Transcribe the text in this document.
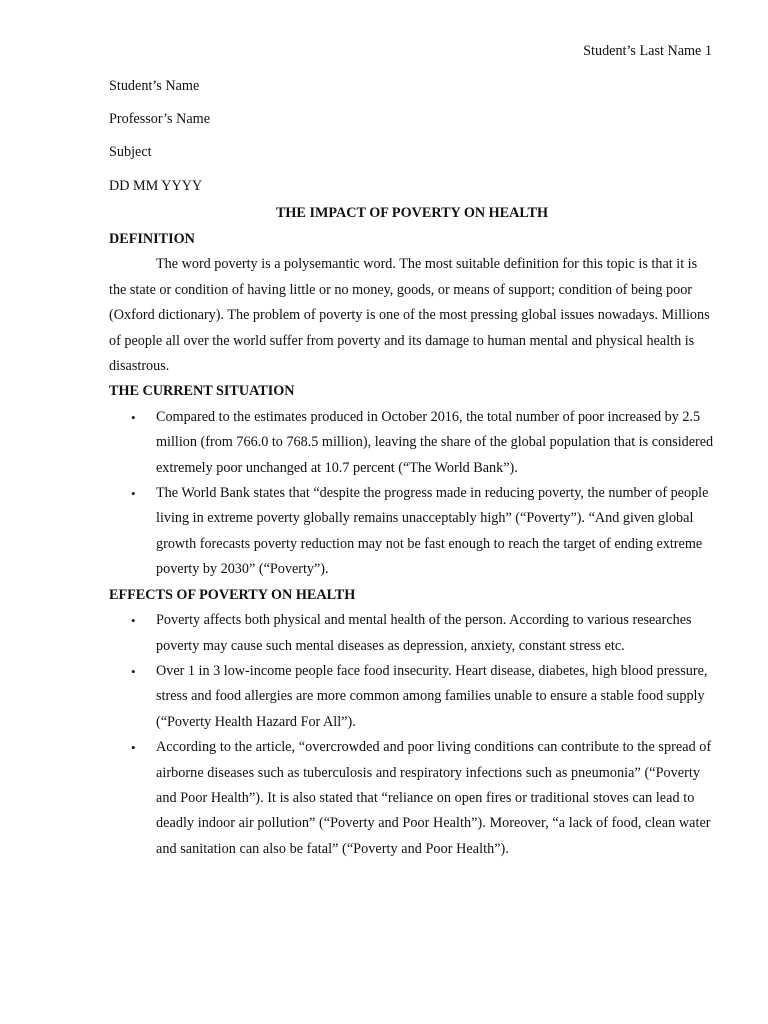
Student’s Last Name 1
Student’s Name
Professor’s Name
Subject
DD MM YYYY
THE IMPACT OF POVERTY ON HEALTH
DEFINITION

The word poverty is a polysemantic word. The most suitable definition for this topic is that it is the state or condition of having little or no money, goods, or means of support; condition of being poor (Oxford dictionary). The problem of poverty is one of the most pressing global issues nowadays. Millions of people all over the world suffer from poverty and its damage to human mental and physical health is disastrous.

THE CURRENT SITUATION
• Compared to the estimates produced in October 2016, the total number of poor increased by 2.5 million (from 766.0 to 768.5 million), leaving the share of the global population that is considered extremely poor unchanged at 10.7 percent (“The World Bank”).
• The World Bank states that “despite the progress made in reducing poverty, the number of people living in extreme poverty globally remains unacceptably high” (“Poverty”). “And given global growth forecasts poverty reduction may not be fast enough to reach the target of ending extreme poverty by 2030” (“Poverty”).
EFFECTS OF POVERTY ON HEALTH
• Poverty affects both physical and mental health of the person. According to various researches poverty may cause such mental diseases as depression, anxiety, constant stress etc.
• Over 1 in 3 low-income people face food insecurity. Heart disease, diabetes, high blood pressure, stress and food allergies are more common among families unable to ensure a stable food supply (“Poverty Health Hazard For All”).
• According to the article, “overcrowded and poor living conditions can contribute to the spread of airborne diseases such as tuberculosis and respiratory infections such as pneumonia” (“Poverty and Poor Health”). It is also stated that “reliance on open fires or traditional stoves can lead to deadly indoor air pollution” (“Poverty and Poor Health”). Moreover, “a lack of food, clean water and sanitation can also be fatal” (“Poverty and Poor Health”).
